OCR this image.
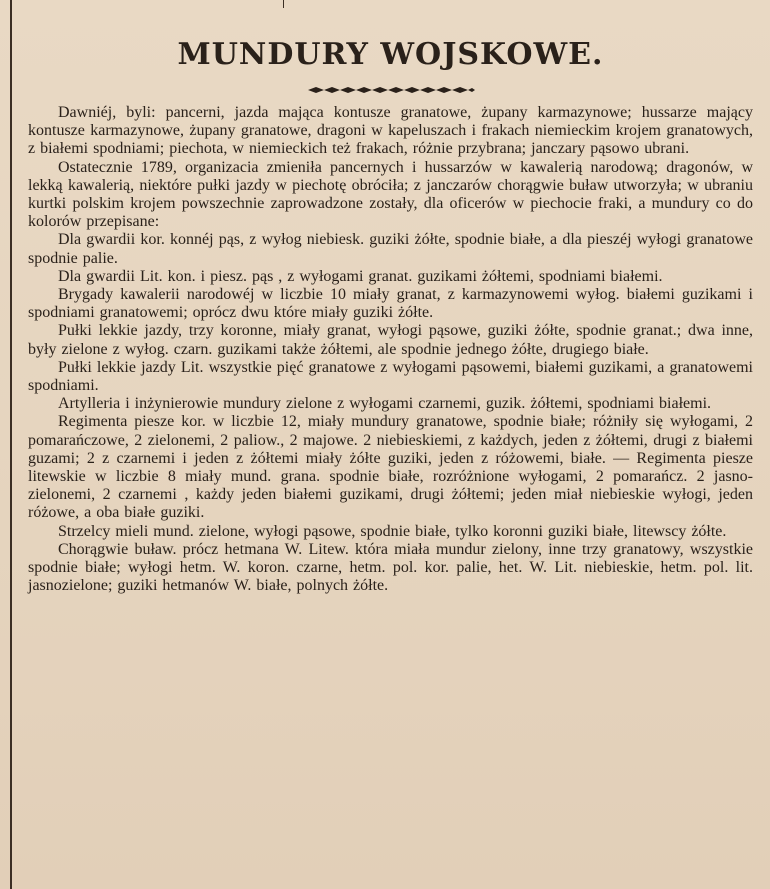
MUNDURY WOJSKOWE.

Dawniéj, byli: pancerni, jazda mająca kontusze granatowe, żupany karmazynowe; hussarze mający kontusze karmazynowe, żupany granatowe, dragoni w kapeluszach i frakach niemieckim krojem granatowych, z białemi spodniami; piechota, w niemieckich też frakach, różnie przybrana; janczary pąsowo ubrani.

Ostatecznie 1789, organizacia zmieniła pancernych i hussarzów w kawalerią narodową; dragonów, w lekką kawalerią, niektóre pułki jazdy w piechotę obróciła; z janczarów chorągwie buław utworzyła; w ubraniu kurtki polskim krojem powszechnie zaprowadzone zostały, dla oficerów w piechocie fraki, a mundury co do kolorów przepisane:

Dla gwardii kor. konnéj pąs, z wyłog niebiesk. guziki żółte, spodnie białe, a dla pieszéj wyłogi granatowe spodnie palie.

Dla gwardii Lit. kon. i piesz. pąs , z wyłogami granat. guzikami żółtemi, spodniami białemi.

Brygady kawalerii narodowéj w liczbie 10 miały granat, z karmazynowemi wyłog. białemi guzikami i spodniami granatowemi; oprócz dwu które miały guziki żółte.

Pułki lekkie jazdy, trzy koronne, miały granat, wyłogi pąsowe, guziki żółte, spodnie granat.; dwa inne, były zielone z wyłog. czarn. guzikami także żółtemi, ale spodnie jednego żółte, drugiego białe.

Pułki lekkie jazdy Lit. wszystkie pięć granatowe z wyłogami pąsowemi, białemi guzikami, a granatowemi spodniami.

Artylleria i inżynierowie mundury zielone z wyłogami czarnemi, guzik. żółtemi, spodniami białemi.

Regimenta piesze kor. w liczbie 12, miały mundury granatowe, spodnie białe; różniły się wyłogami, 2 pomarańczowe, 2 zielonemi, 2 paliow., 2 majowe. 2 niebieskiemi, z każdych, jeden z żółtemi, drugi z białemi guzami; 2 z czarnemi i jeden z żółtemi miały żółte guziki, jeden z różowemi, białe. — Regimenta piesze litewskie w liczbie 8 miały mund. grana. spodnie białe, rozróżnione wyłogami, 2 pomarańcz. 2 jasno-zielonemi, 2 czarnemi , każdy jeden białemi guzikami, drugi żółtemi; jeden miał niebieskie wyłogi, jeden różowe, a oba białe guziki.

Strzelcy mieli mund. zielone, wyłogi pąsowe, spodnie białe, tylko koronni guziki białe, litewscy żółte.

Chorągwie buław. prócz hetmana W. Litew. która miała mundur zielony, inne trzy granatowy, wszystkie spodnie białe; wyłogi hetm. W. koron. czarne, hetm. pol. kor. palie, het. W. Lit. niebieskie, hetm. pol. lit. jasnozielone; guziki hetmanów W. białe, polnych żółte.
